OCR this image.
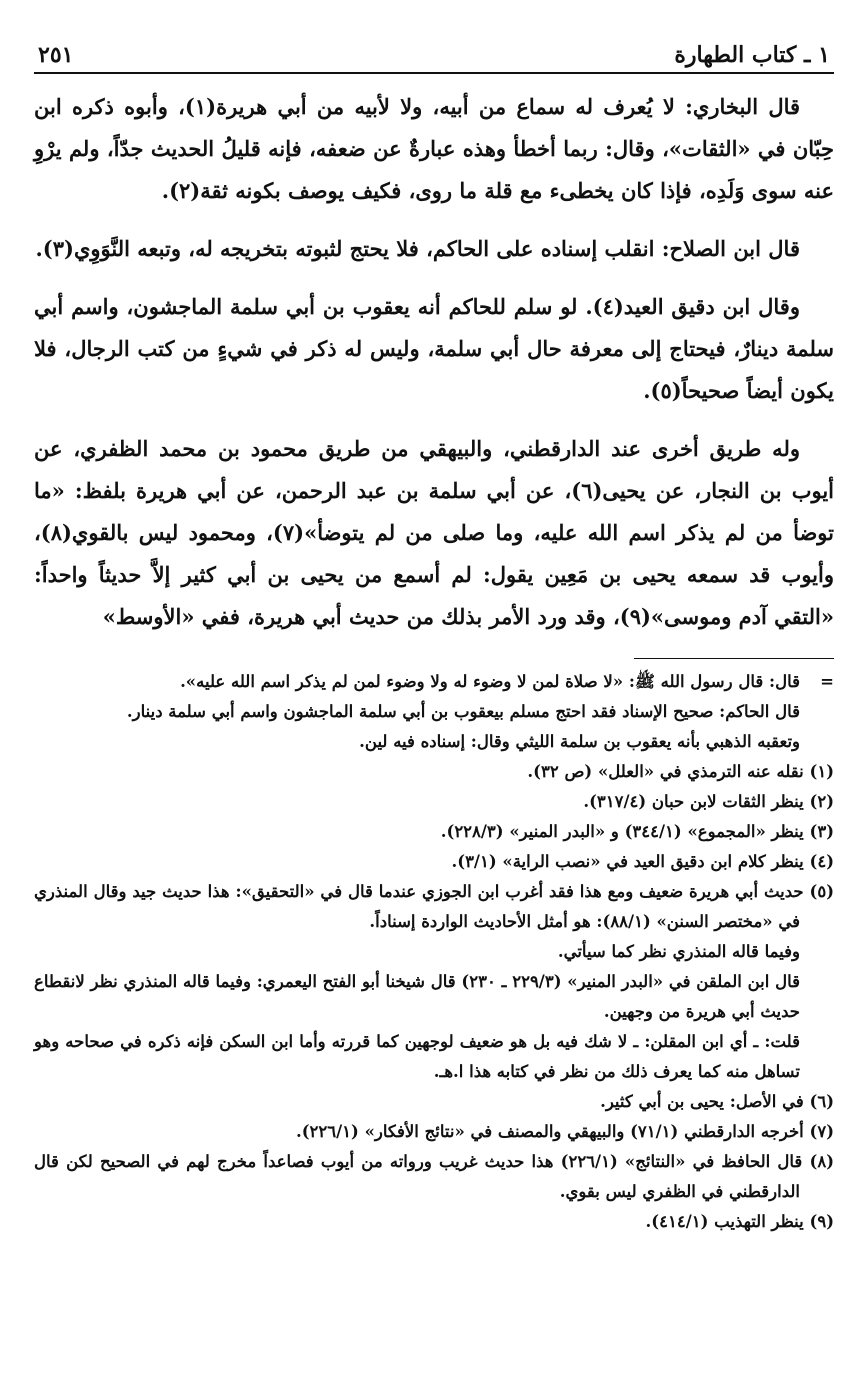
٢٥١	١ ـ كتاب الطهارة

قال البخاري: لا يُعرف له سماع من أبيه، ولا لأبيه من أبي هريرة(١)، وأبوه ذكره ابن حِبّان في «الثقات»، وقال: ربما أخطأ وهذه عبارةٌ عن ضعفه، فإنه قليلُ الحديث جدّاً، ولم يرْوِ عنه سوى وَلَدِه، فإذا كان يخطىء مع قلة ما روى، فكيف يوصف بكونه ثقة(٢).

قال ابن الصلاح: انقلب إسناده على الحاكم، فلا يحتج لثبوته بتخريجه له، وتبعه النَّوَوِي(٣).

وقال ابن دقيق العيد(٤). لو سلم للحاكم أنه يعقوب بن أبي سلمة الماجشون، واسم أبي سلمة دينارٌ، فيحتاج إلى معرفة حال أبي سلمة، وليس له ذكر في شيءٍ من كتب الرجال، فلا يكون أيضاً صحيحاً(٥).

وله طريق أخرى عند الدارقطني، والبيهقي من طريق محمود بن محمد الظفري، عن أيوب بن النجار، عن يحيى(٦)، عن أبي سلمة بن عبد الرحمن، عن أبي هريرة بلفظ: «ما توضأ من لم يذكر اسم الله عليه، وما صلى من لم يتوضأ»(٧)، ومحمود ليس بالقوي(٨)، وأيوب قد سمعه يحيى بن مَعِين يقول: لم أسمع من يحيى بن أبي كثير إلاَّ حديثاً واحداً: «التقي آدم وموسى»(٩)، وقد ورد الأمر بذلك من حديث أبي هريرة، ففي «الأوسط»

= قال: قال رسول الله ﷺ: «لا صلاة لمن لا وضوء له ولا وضوء لمن لم يذكر اسم الله عليه».

قال الحاكم: صحيح الإسناد فقد احتج مسلم بيعقوب بن أبي سلمة الماجشون واسم أبي سلمة دينار.

وتعقبه الذهبي بأنه يعقوب بن سلمة الليثي وقال: إسناده فيه لين.

(١) نقله عنه الترمذي في «العلل» (ص ٣٢).

(٢) ينظر الثقات لابن حبان (٣١٧/٤).

(٣) ينظر «المجموع» (٣٤٤/١) و «البدر المنير» (٢٢٨/٣).

(٤) ينظر كلام ابن دقيق العيد في «نصب الراية» (٣/١).

(٥) حديث أبي هريرة ضعيف ومع هذا فقد أغرب ابن الجوزي عندما قال في «التحقيق»: هذا حديث جيد وقال المنذري في «مختصر السنن» (٨٨/١): هو أمثل الأحاديث الواردة إسناداً.

وفيما قاله المنذري نظر كما سيأتي.

قال ابن الملقن في «البدر المنير» (٢٢٩/٣ ـ ٢٣٠) قال شيخنا أبو الفتح اليعمري: وفيما قاله المنذري نظر لانقطاع حديث أبي هريرة من وجهين.

قلت: ـ أي ابن المقلن: ـ لا شك فيه بل هو ضعيف لوجهين كما قررته وأما ابن السكن فإنه ذكره في صحاحه وهو تساهل منه كما يعرف ذلك من نظر في كتابه هذا ا.هـ.

(٦) في الأصل: يحيى بن أبي كثير.

(٧) أخرجه الدارقطني (٧١/١) والبيهقي والمصنف في «نتائج الأفكار» (٢٢٦/١).

(٨) قال الحافظ في «النتائج» (٢٢٦/١) هذا حديث غريب ورواته من أيوب فصاعداً مخرج لهم في الصحيح لكن قال الدارقطني في الظفري ليس بقوي.

(٩) ينظر التهذيب (٤١٤/١).
